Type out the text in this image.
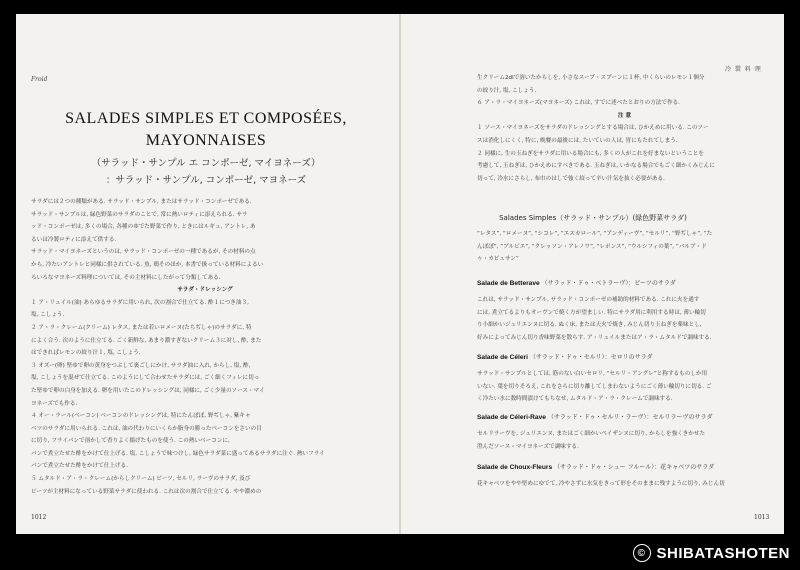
Froid
SALADES SIMPLES ET COMPOSÉES,
MAYONNAISES
（サラッド・サンプル エ コンポーゼ, マイヨネーズ）
：サラッド・サンプル, コンポーゼ, マヨネーズ
サラダには２つの種類がある. サラッド・サンプル, またはサラッド・コンポーゼである.
サラッド・サンプルは, 緑色野菜のサラダのことで, 常に熱いロティに添えられる. サラ
ッド・コンポーゼは, 多くの場合, 各種のゆでた野菜で作り, ときにはルギュ, アントレ, あ
るいは冷製ロティに添えて供する.
サラッド・マイヨネーズというのは, サラッド・コンポーゼの一種であるが, その材料の点
から, 冷たいアントレと同様に供されている. 魚, 鶏そのほか, 本書で扱っている材料によるい
ろいろなマヨネーズ料理については, その主材料にしたがって分類してある.
サラダ・ドレッシング
１ ア・リュイル(油) あらゆるサラダに用いられ, 次の割合で仕立てる. 酢１につき油３,
塩, こしょう.
２ ア・ラ・クレーム(クリーム) レタス, または若いロメーヌ(たちぢしゃ)のサラダに, 特
によく合う. 次のように仕立てる. ごく新鮮な, あまり濃すぎないクリーム３に対し, 酢, また
はできればレモンの絞り汁１, 塩, こしょう.
３ オズー(卵) 堅ゆで卵の黄身をつぶして裏ごしにかけ, サラダ油に入れ, からし, 塩, 酢,
塩, こしょうを混ぜて仕立てる. このようにして合わせたサラダには, ごく細くフィレに切っ
た堅ゆで卵の白身を加える. 卵を用いたこのドレッシングは, 同様に, ごく少量のソース・マイ
ヨネーズでも作る.
４ オー・ラール(ベーコン) ベーコンのドレッシングは, 特にたんぽぽ, 野ぢしゃ, 紫キャ
ベツのサラダに用いられる. これは, 油の代わりにいくらか脂身の勝ったベーコンをさいの目
に切り, フライパンで溶かして香りよく揚げたものを使う. この熱いベーコンに,
パンで煮立たせた酢をかけて仕上げる. 塩, こしょうで味つけし, 緑色サラダ菜に盛ってあるサラダに注ぐ. 熱いフライ
パンで煮立たせた酢をかけて仕上げる.
５ ムタルド・ア・ラ・クレーム(からしクリーム) ビーツ, セルリ, ラーヴのサラダ, 及び
ビーツが主材料になっている野菜サラダに使われる. これは次の割合で仕立てる. やや濃めの
1012
冷 製 料 理
生クリーム2dlで溶いたからしを, 小さなスープ・スプーンに１杯, 中くらいのレモン１個分
の絞り汁, 塩, こしょう.
６ ア・ラ・マイヨネーズ(マヨネーズ) これは, すでに述べたとおりの方法で作る.
注 意
１ ソース・マイヨネーズをサラダのドレッシングとする場合は, ひかえめに用いる. このソー
スは消化しにくく, 特に, 晩餐の最後には, たいていの人は, 胃にもたれてしまう.
２ 同様に, 生の玉ねぎをサラダに用いる場合にも, 多くの人がこれを好まないということを
考慮して, 玉ねぎは, ひかえめにすべきである. 玉ねぎは, いかなる場合でもごく細かくみじんに
切って, 冷水にさらし, 布巾のはしで強く絞って辛い汁気を抜く必要がある.
Salades Simples（サラッド・サンプル）(緑色野菜サラダ)
“レタス”, “ロメーヌ”, “シコレ”, “エスカロール”, “アンディーヴ”, “セルリ”, “野ぢしゃ”, “た
んぽぽ”, “ブルビエ”, “クレッソン・アレノワ”, “レポンス”, “ウルシフィの葉”, “バルブ・ド
ゥ・カピュサン”
Salade de Betterave （サラッド・ドゥ・ベトラーヴ）：ビーツのサラダ
これは, サラッド・サンプル, サラッド・コンポーゼの補助的材料である. これに火を通す
には, 煮立てるよりもオーヴンで焼く方が望ましい. 特にサラダ用に利用する時は, 薄い輪切
り小細かいジュリエンヌに切る. ぬく床, または天火で焼き, みじん切り玉ねぎを薬味とし,
好みによってみじん切り香味野菜を散らす. ア・リュイルまたはア・ラ・ムタルドで調味する.
Salade de Céleri （サラッド・ドゥ・セルリ）：セロリのサラダ
サラッド・サンプルとしては, 筋のない白いセロリ, “セルリ・アングレ”と称するものしか用
いない. 葉を切りそろえ, これをさらに切り離してしまわないようにごく薄い輪切りに切る. ご
く冷たい水に数時間漬けてもちなせ, ムタルド・ア・ラ・クレームで調味する.
Salade de Céleri-Rave （サラッド・ドゥ・セルリ・ラーヴ）：セルリラーヴのサラダ
セルリラーヴを, ジュリエンヌ, またはごく細かいペイザンヌに切り, からしを強くきかせた
澄んだソース・マイヨネーズで調味する.
Salade de Choux-Fleurs （サラッド・ドゥ・シュー フルール）：花キャベツのサラダ
花キャベツをやや堅めにゆでて, 冷やさずに水気をきって形をそのままに残すように切り, みじん切
1013
© SHIBATASHOTEN
